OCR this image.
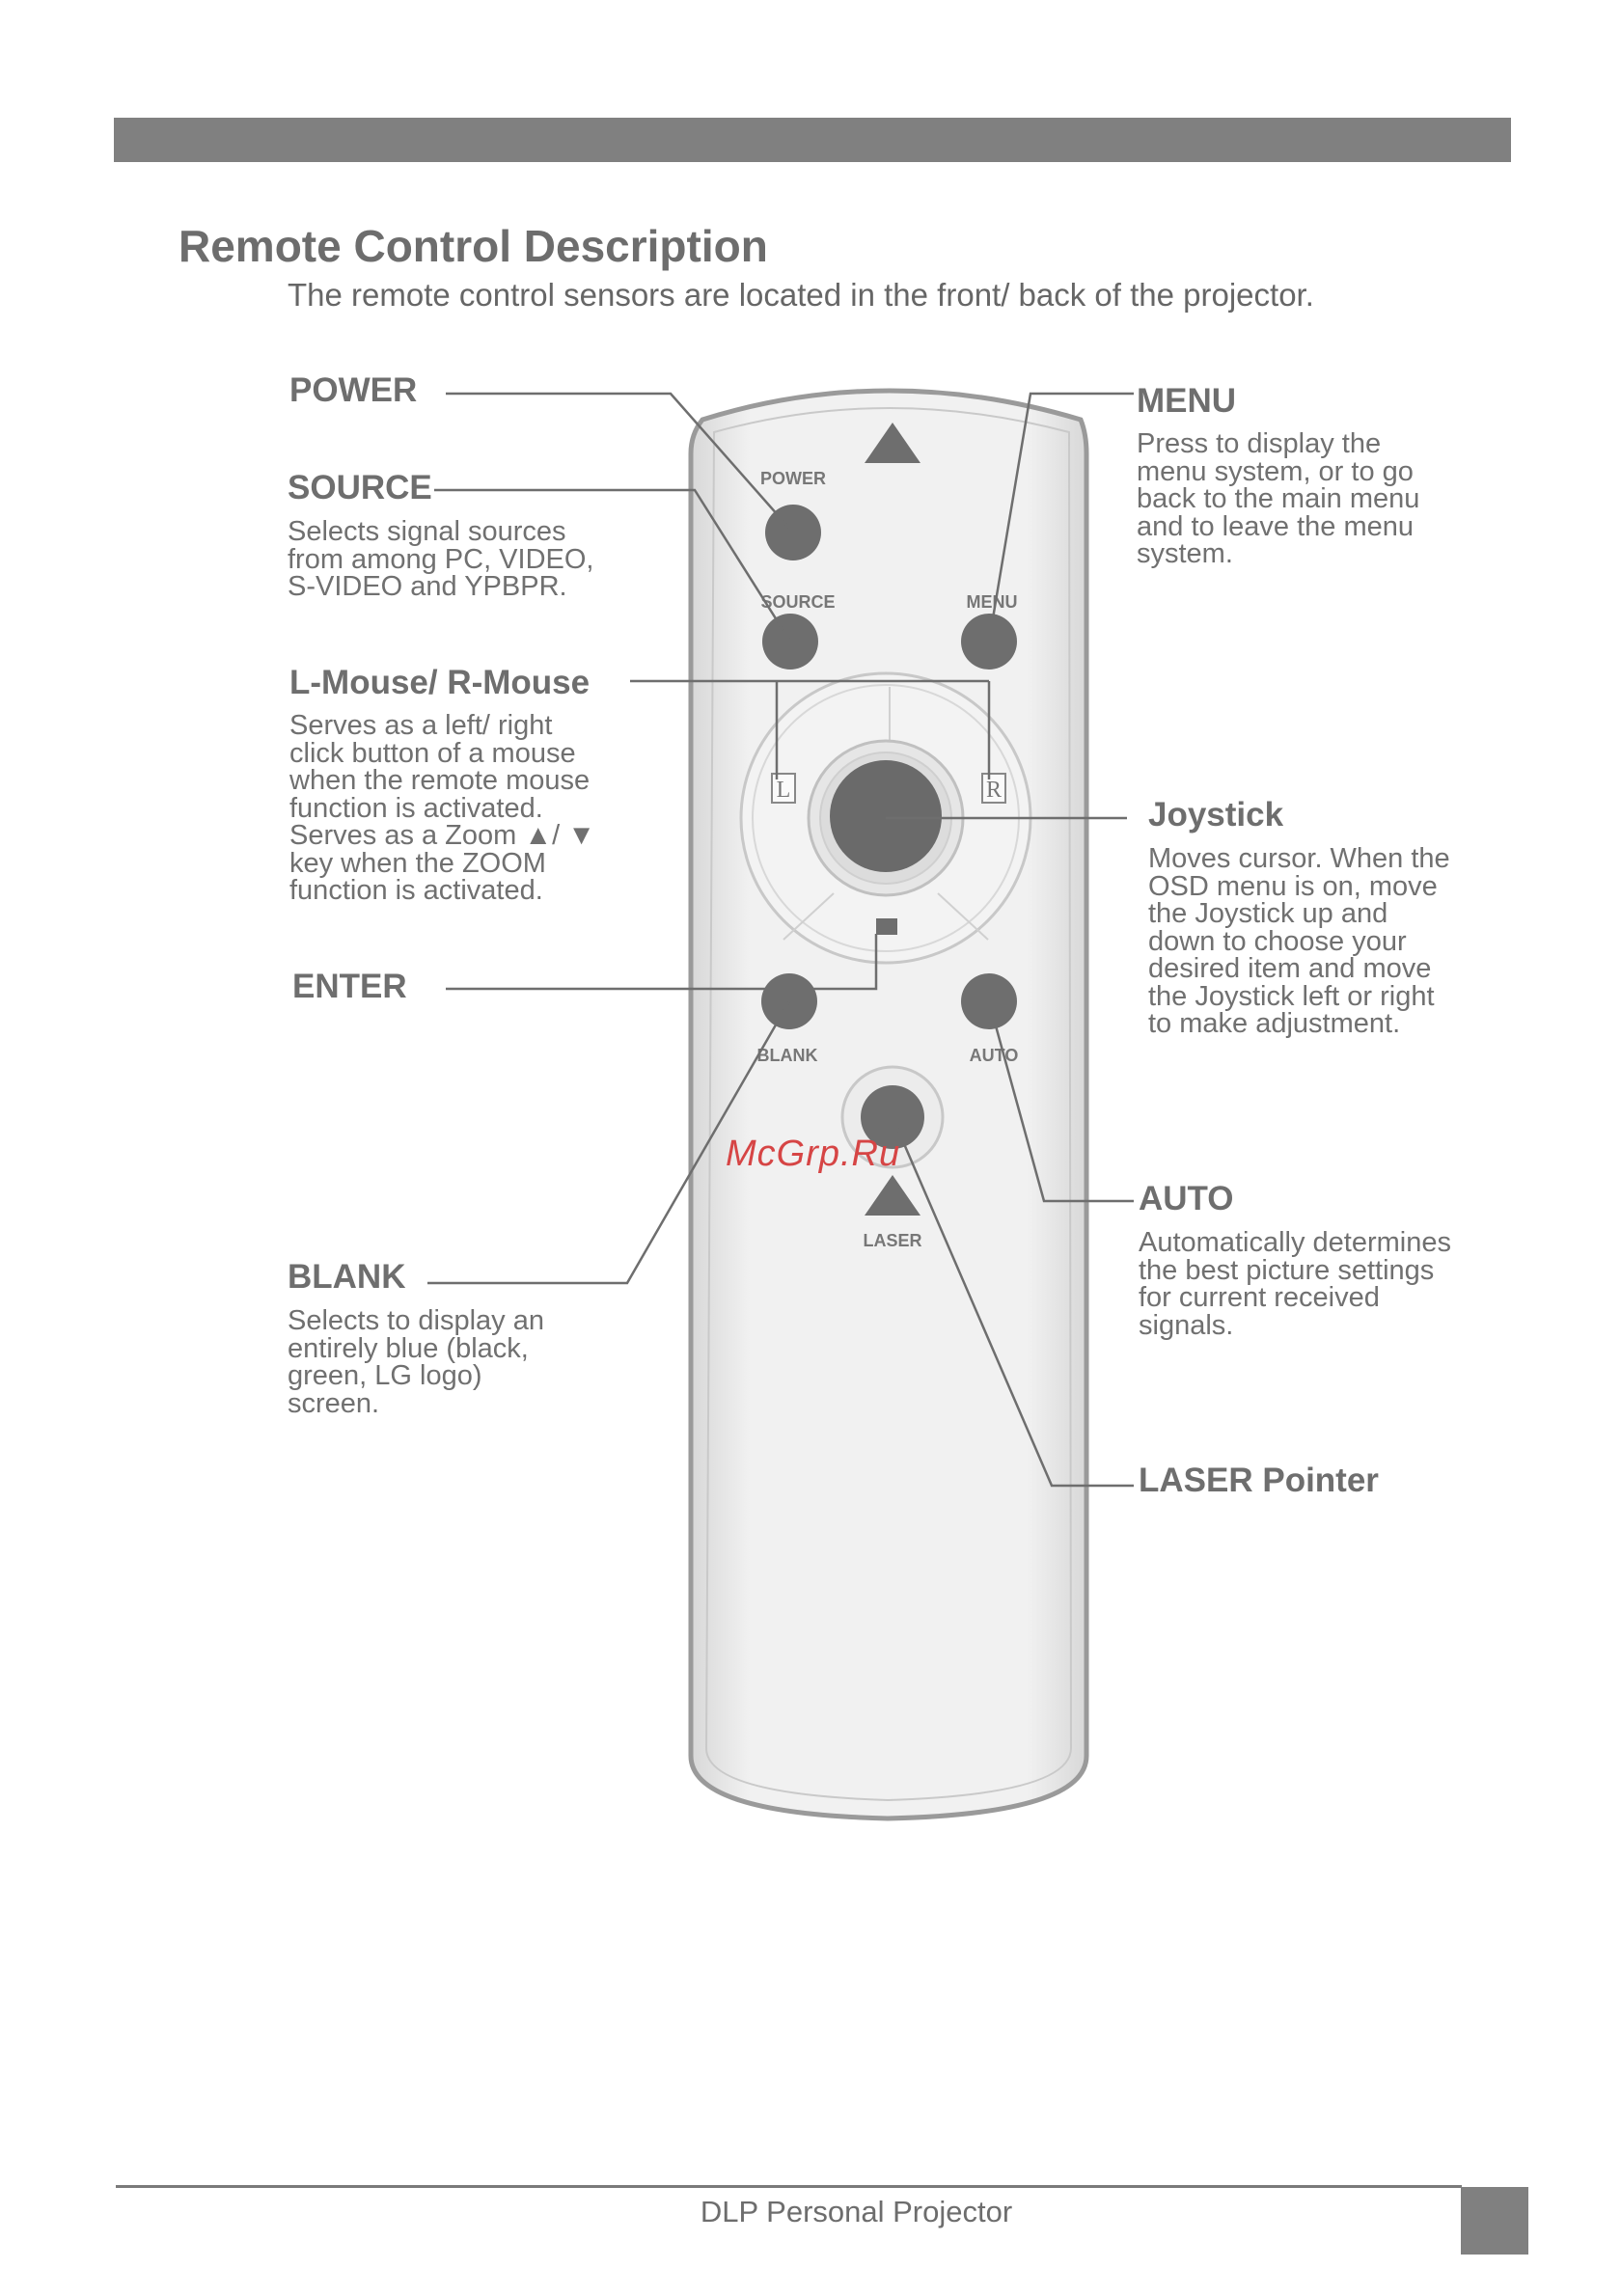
Remote Control Description
The remote control sensors are located in the front/ back of the projector.
POWER
SOURCE	MENU
L	R
BLANK	AUTO
LASER
POWER
SOURCE
Selects signal sources
from among PC, VIDEO,
S-VIDEO and YPBPR.
L-Mouse/ R-Mouse
Serves as a left/ right
click button of a mouse
when the remote mouse
function is activated.
Serves as a Zoom ▲/ ▼
key when the ZOOM
function is activated.
ENTER
BLANK
Selects to display an
entirely blue (black,
green, LG logo)
screen.
MENU
Press to display the
menu system, or to go
back to the main menu
and to leave the menu
system.
Joystick
Moves cursor. When the
OSD menu is on, move
the Joystick up and
down to choose your
desired item and move
the Joystick left or right
to make adjustment.
AUTO
Automatically determines
the best picture settings
for current received
signals.
LASER Pointer
McGrp.Ru
DLP Personal Projector
